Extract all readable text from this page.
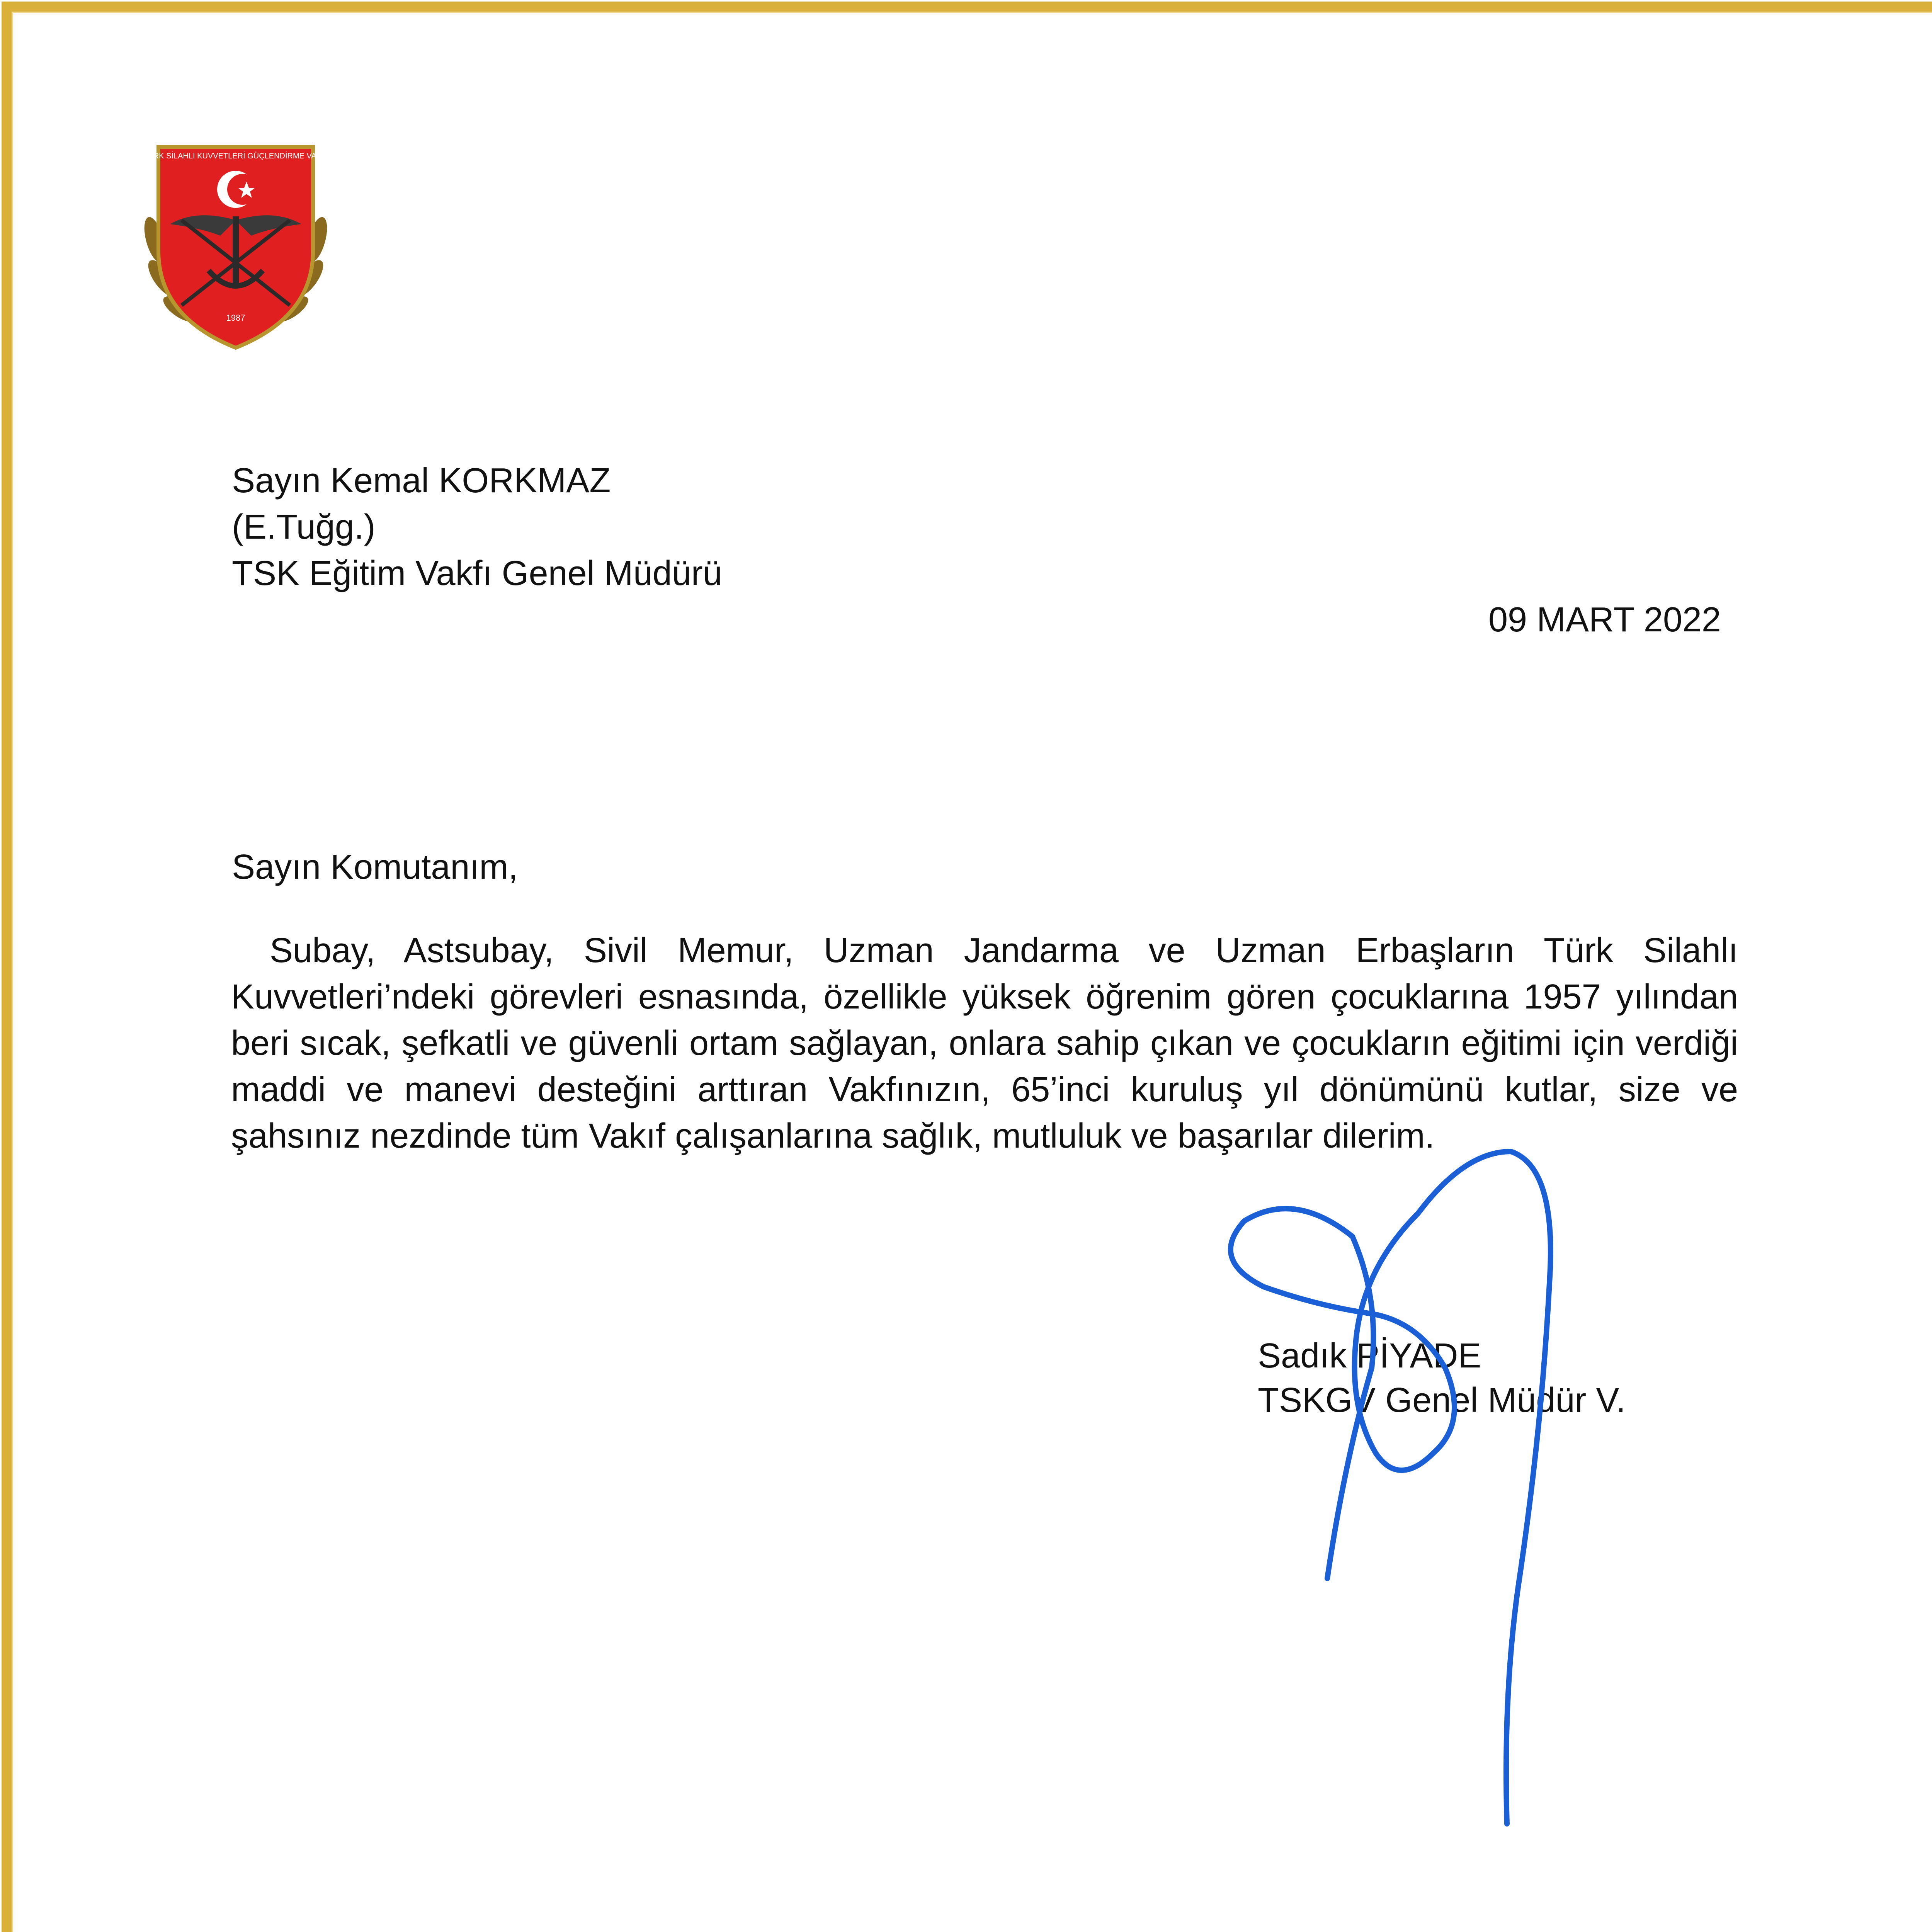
TÜRK SİLAHLI KUVVETLERİ GÜÇLENDİRME VAKFI
1987
Sayın Kemal KORKMAZ
(E.Tuğg.)
TSK Eğitim Vakfı Genel Müdürü
09 MART 2022
Sayın Komutanım,
Subay, Astsubay, Sivil Memur, Uzman Jandarma ve Uzman Erbaşların Türk Silahlı Kuvvetleri’ndeki görevleri esnasında, özellikle yüksek öğrenim gören çocuklarına 1957 yılından beri sıcak, şefkatli ve güvenli ortam sağlayan, onlara sahip çıkan ve çocukların eğitimi için verdiği maddi ve manevi desteğini arttıran Vakfınızın, 65’inci kuruluş yıl dönümünü kutlar, size ve şahsınız nezdinde tüm Vakıf çalışanlarına sağlık, mutluluk ve başarılar dilerim.
Sadık PİYADE
TSKGV Genel Müdür V.
